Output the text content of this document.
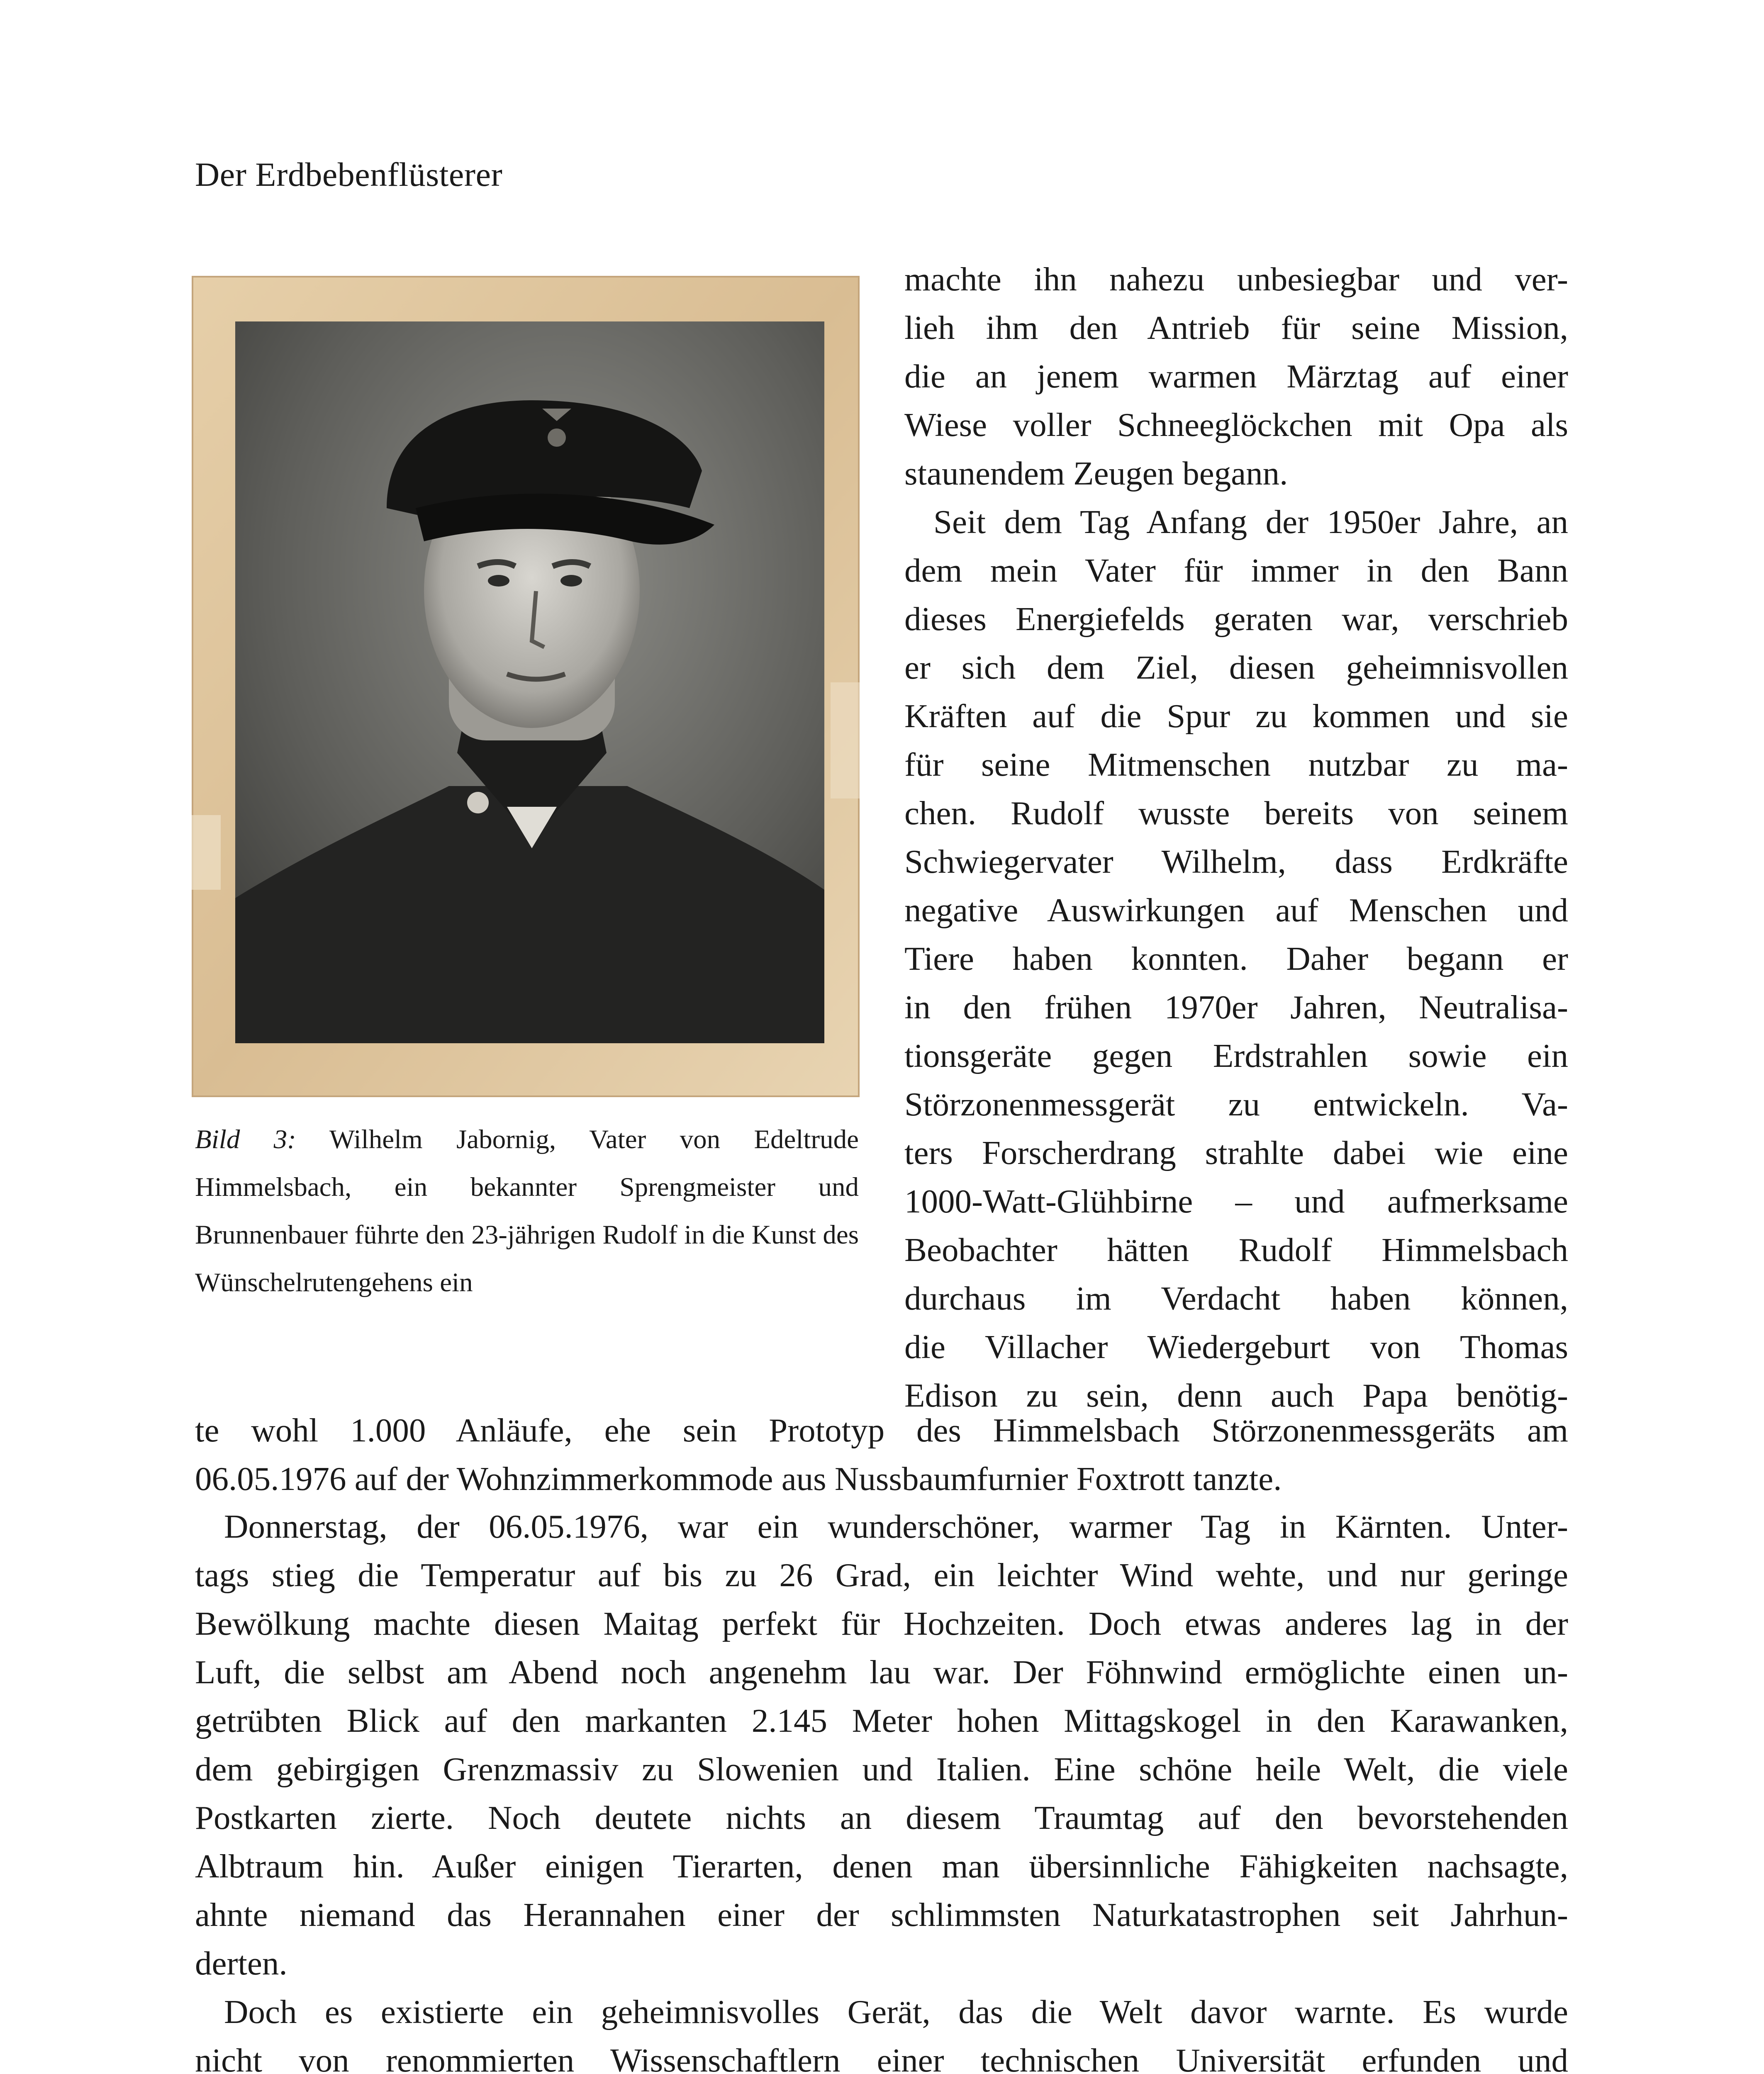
Der Erdbebenflüsterer
Bild 3: Wilhelm Jabornig, Vater von Edeltrude Himmelsbach, ein bekannter Sprengmeister und Brunnenbauer führte den 23-jährigen Rudolf in die Kunst des Wünschelrutengehens ein
machte ihn nahezu unbesiegbar und ver-
lieh ihm den Antrieb für seine Mission,
die an jenem warmen Märztag auf einer
Wiese voller Schneeglöckchen mit Opa als
staunendem Zeugen begann.
Seit dem Tag Anfang der 1950er Jahre, an
dem mein Vater für immer in den Bann
dieses Energiefelds geraten war, verschrieb
er sich dem Ziel, diesen geheimnisvollen
Kräften auf die Spur zu kommen und sie
für seine Mitmenschen nutzbar zu ma-
chen. Rudolf wusste bereits von seinem
Schwiegervater Wilhelm, dass Erdkräfte
negative Auswirkungen auf Menschen und
Tiere haben konnten. Daher begann er
in den frühen 1970er Jahren, Neutralisa-
tionsgeräte gegen Erdstrahlen sowie ein
Störzonenmessgerät zu entwickeln. Va-
ters Forscherdrang strahlte dabei wie eine
1000-Watt-Glühbirne – und aufmerksame
Beobachter hätten Rudolf Himmelsbach
durchaus im Verdacht haben können,
die Villacher Wiedergeburt von Thomas
Edison zu sein, denn auch Papa benötig-
te wohl 1.000 Anläufe, ehe sein Prototyp des Himmelsbach Störzonenmessgeräts am
06.05.1976 auf der Wohnzimmerkommode aus Nussbaumfurnier Foxtrott tanzte.
Donnerstag, der 06.05.1976, war ein wunderschöner, warmer Tag in Kärnten. Unter-
tags stieg die Temperatur auf bis zu 26 Grad, ein leichter Wind wehte, und nur geringe
Bewölkung machte diesen Maitag perfekt für Hochzeiten. Doch etwas anderes lag in der
Luft, die selbst am Abend noch angenehm lau war. Der Föhnwind ermöglichte einen un-
getrübten Blick auf den markanten 2.145 Meter hohen Mittagskogel in den Karawanken,
dem gebirgigen Grenzmassiv zu Slowenien und Italien. Eine schöne heile Welt, die viele
Postkarten zierte. Noch deutete nichts an diesem Traumtag auf den bevorstehenden
Albtraum hin. Außer einigen Tierarten, denen man übersinnliche Fähigkeiten nachsagte,
ahnte niemand das Herannahen einer der schlimmsten Naturkatastrophen seit Jahrhun-
derten.
Doch es existierte ein geheimnisvolles Gerät, das die Welt davor warnte. Es wurde
nicht von renommierten Wissenschaftlern einer technischen Universität erfunden und
